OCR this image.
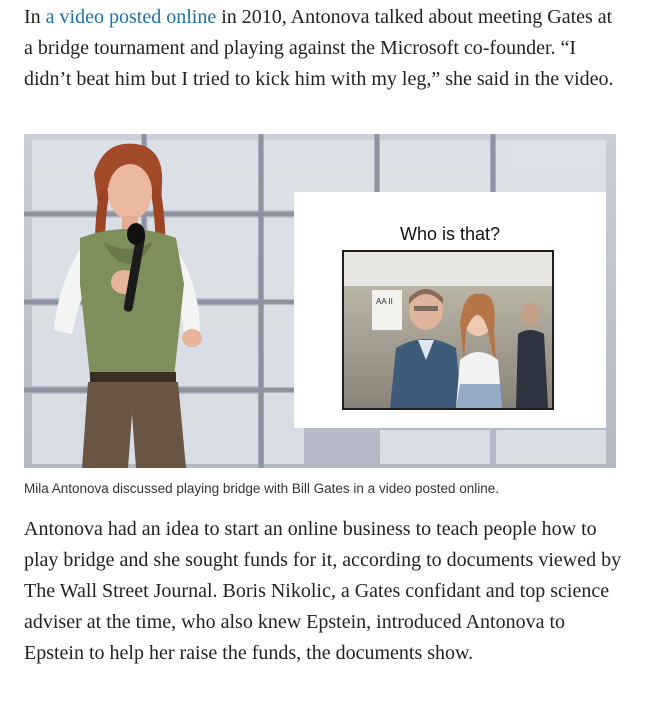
In a video posted online in 2010, Antonova talked about meeting Gates at a bridge tournament and playing against the Microsoft co-founder. “I didn’t beat him but I tried to kick him with my leg,” she said in the video.

Who is that?
AA II
Mila Antonova discussed playing bridge with Bill Gates in a video posted online.

Antonova had an idea to start an online business to teach people how to play bridge and she sought funds for it, according to documents viewed by The Wall Street Journal. Boris Nikolic, a Gates confidant and top science adviser at the time, who also knew Epstein, introduced Antonova to Epstein to help her raise the funds, the documents show.
